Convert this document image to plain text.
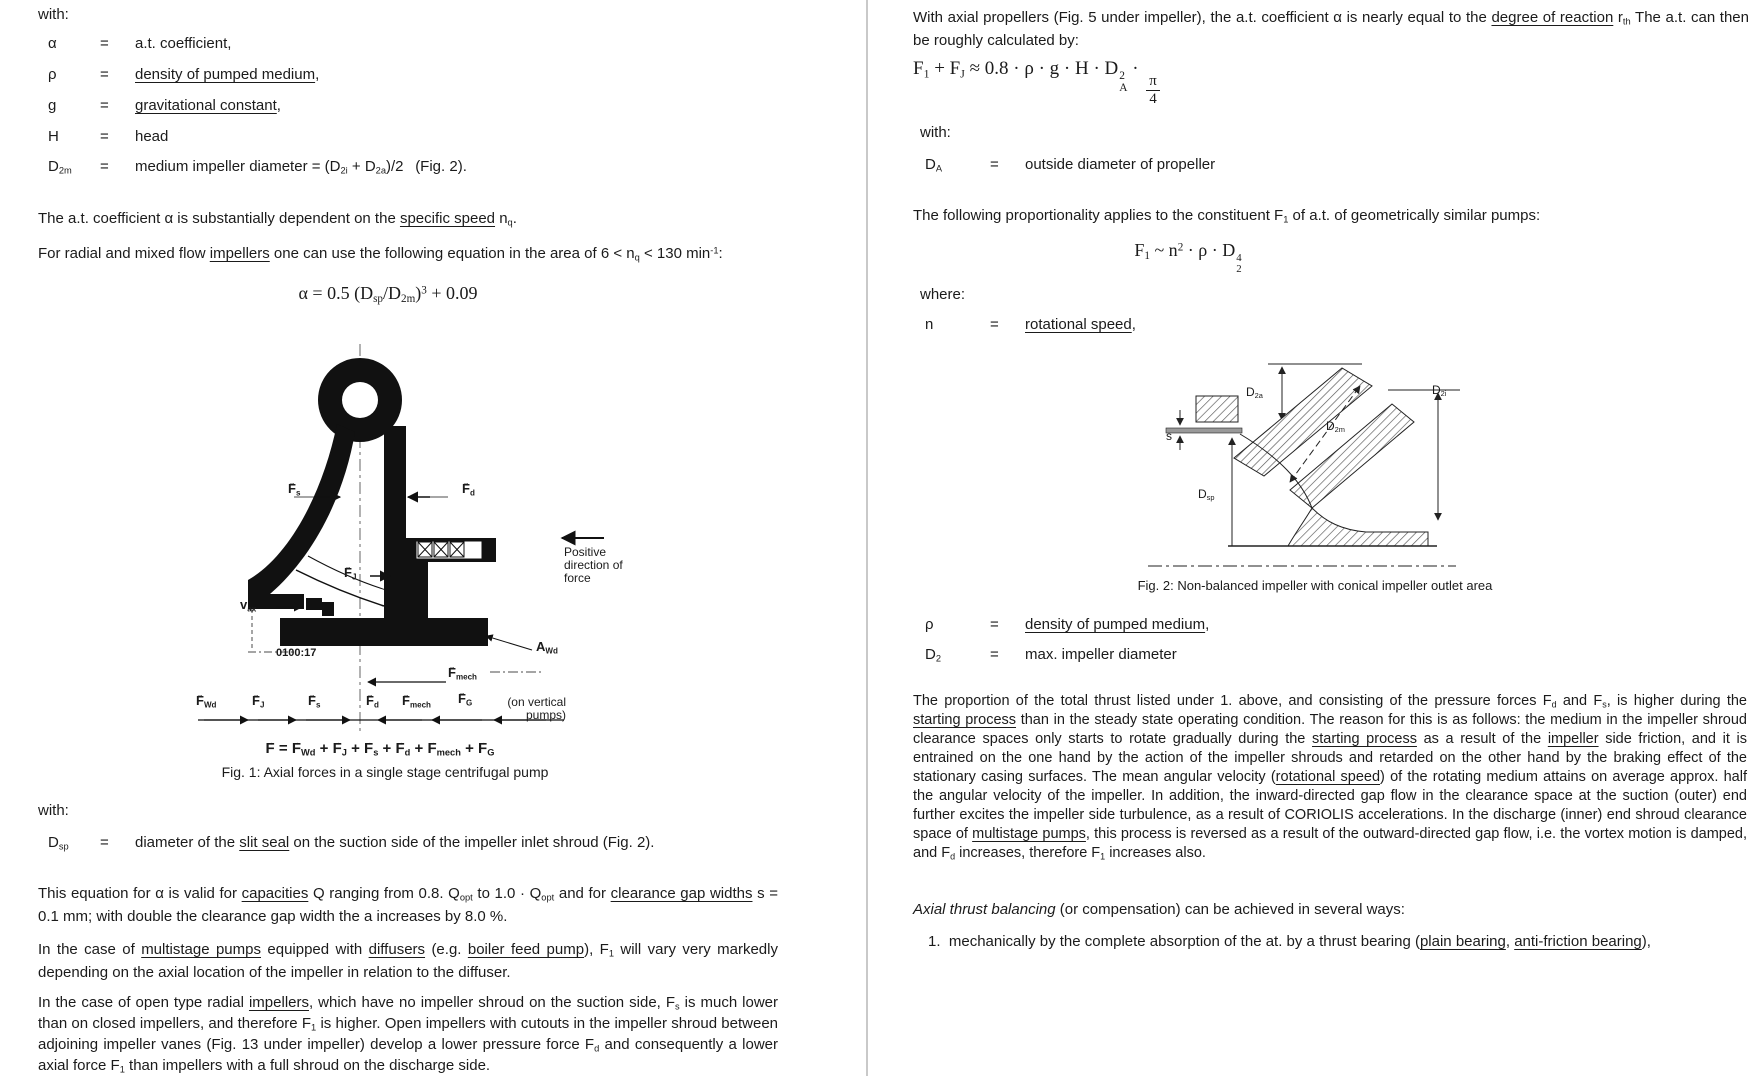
with:
α	= a.t. coefficient,
ρ	= density of pumped medium,
g	= gravitational constant,
H	= head
$D_{2m}$ = medium impeller diameter = $(D_{2i} + D_{2a})/2$  (Fig. 2).
The a.t. coefficient α is substantially dependent on the specific speed $n_q$.
For radial and mixed flow impellers one can use the following equation in the area of $6 < n_q < 130$ $\min^{-1}$:
α = 0.5 $(D_{sp}/D_{2m})^3 + 0.09$
→ $F_s$	→ $F_d$
→ $F_J$
$v_{ax}$
0100:17	$A_{Wd}$
→ $F_{mech}$
Positive direction of force
→ $F_{Wd}$	→ $F_J$	→ $F_s$	→ $F_d \to F_{mech} \to F_G$	(on vertical pumps)
→ F = → $F_{Wd}$ + → $F_J$ + → $F_s$ + → $F_d$ + → $F_{mech}$ + → $F_G$
Fig. 1: Axial forces in a single stage centrifugal pump
with:
$D_{sp}$ = diameter of the slit seal on the suction side of the impeller inlet shroud (Fig. 2).
This equation for α is valid for capacities Q ranging from 0.8. $Q_{opt}$ to $1.0 \cdot Q_{opt}$ and for clearance gap widths s = 0.1 mm; with double the clearance gap width the a increases by 8.0 %.
In the case of multistage pumps equipped with diffusers (e.g. boiler feed pump), $F_1$ will vary very markedly depending on the axial location of the impeller in relation to the diffuser.
In the case of open type radial impellers, which have no impeller shroud on the suction side, $F_s$ is much lower than on closed impellers, and therefore $F_1$ is higher. Open impellers with cutouts in the impeller shroud between adjoining impeller vanes (Fig. 13 under impeller) develop a lower pressure force $F_d$ and consequently a lower axial force $F_1$ than impellers with a full shroud on the discharge side.
With axial propellers (Fig. 5 under impeller), the a.t. coefficient α is nearly equal to the degree of reaction $r_{th}$ The a.t. can then be roughly calculated by:
$F_1 + F_J \approx 0.8 \cdot \rho \cdot g \cdot H \cdot D$ 2
A
·
$\frac{\pi}{4}$
with:
$D_A$	= outside diameter of propeller
The following proportionality applies to the constituent $F_1$ of a.t. of geometrically similar pumps:
$F_1$ ~ $n^2 \cdot \rho \cdot D$ 4
2
where:
n	= rotational speed,
$D_{2a}$
$D_{2m}$
$D_{2i}$
s
$D_{sp}$
Fig. 2: Non-balanced impeller with conical impeller outlet area
ρ	= density of pumped medium,
$D_2$	= max. impeller diameter
The proportion of the total thrust listed under 1. above, and consisting of the pressure forces $F_d$ and $F_s$, is higher during the starting process than in the steady state operating condition. The reason for this is as follows: the medium in the impeller shroud clearance spaces only starts to rotate gradually during the starting process as a result of the impeller side friction, and it is entrained on the one hand by the action of the impeller shrouds and retarded on the other hand by the braking effect of the stationary casing surfaces. The mean angular velocity (rotational speed) of the rotating medium attains on average approx. half the angular velocity of the impeller. In addition, the inward-directed gap flow in the clearance space at the suction (outer) end further excites the impeller side turbulence, as a result of CORIOLIS accelerations. In the discharge (inner) end shroud clearance space of multistage pumps, this process is reversed as a result of the outward-directed gap flow, i.e. the vortex motion is damped, and $F_d$ increases, therefore $F_1$ increases also.
Axial thrust balancing (or compensation) can be achieved in several ways:
1. mechanically by the complete absorption of the at. by a thrust bearing (plain bearing, anti-friction bearing),
